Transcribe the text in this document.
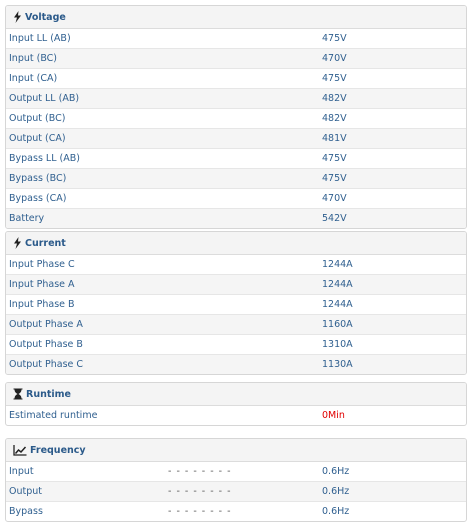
Voltage
Input LL (AB)	475V
Input (BC)	470V
Input (CA)	475V
Output LL (AB)	482V
Output (BC)	482V
Output (CA)	481V
Bypass LL (AB)	475V
Bypass (BC)	475V
Bypass (CA)	470V
Battery	542V
Current
Input Phase C	1244A
Input Phase A	1244A
Input Phase B	1244A
Output Phase A	1160A
Output Phase B	1310A
Output Phase C	1130A
Runtime
Estimated runtime	0Min
Frequency
Input	- - - - - - - -	0.6Hz
Output	- - - - - - - -	0.6Hz
Bypass	- - - - - - - -	0.6Hz
